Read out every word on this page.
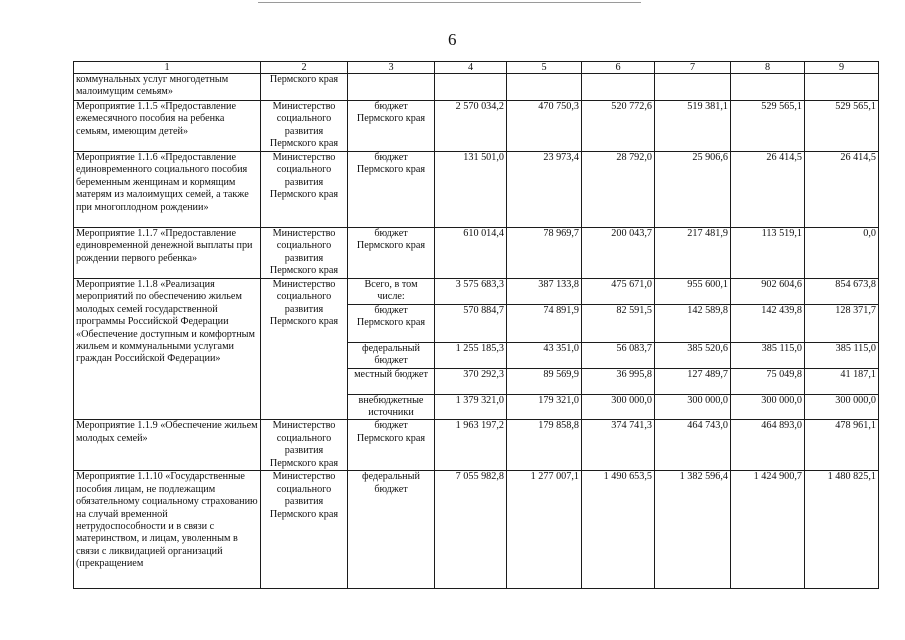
6
1	2	3	4	5	6	7	8	9
коммунальных услуг многодетным малоимущим семьям»	Пермского края							
Мероприятие 1.1.5 «Предоставление ежемесячного пособия на ребенка семьям, имеющим детей»	Министерство социального развития Пермского края	бюджет Пермского края	2 570 034,2	470 750,3	520 772,6	519 381,1	529 565,1	529 565,1
Мероприятие 1.1.6 «Предоставление единовременного социального пособия беременным женщинам и кормящим матерям из малоимущих семей, а также при многоплодном рождении»	Министерство социального развития Пермского края	бюджет Пермского края	131 501,0	23 973,4	28 792,0	25 906,6	26 414,5	26 414,5
Мероприятие 1.1.7 «Предоставление единовременной денежной выплаты при рождении первого ребенка»	Министерство социального развития Пермского края	бюджет Пермского края	610 014,4	78 969,7	200 043,7	217 481,9	113 519,1	0,0
Мероприятие 1.1.8 «Реализация мероприятий по обеспечению жильем молодых семей государственной программы Российской Федерации «Обеспечение доступным и комфортным жильем и коммунальными услугами граждан Российской Федерации»	Министерство социального развития Пермского края	Всего, в том числе:	3 575 683,3	387 133,8	475 671,0	955 600,1	902 604,6	854 673,8
		бюджет Пермского края	570 884,7	74 891,9	82 591,5	142 589,8	142 439,8	128 371,7
		федеральный бюджет	1 255 185,3	43 351,0	56 083,7	385 520,6	385 115,0	385 115,0
		местный бюджет	370 292,3	89 569,9	36 995,8	127 489,7	75 049,8	41 187,1
		внебюджетные источники	1 379 321,0	179 321,0	300 000,0	300 000,0	300 000,0	300 000,0
Мероприятие 1.1.9 «Обеспечение жильем молодых семей»	Министерство социального развития Пермского края	бюджет Пермского края	1 963 197,2	179 858,8	374 741,3	464 743,0	464 893,0	478 961,1
Мероприятие 1.1.10 «Государственные пособия лицам, не подлежащим обязательному социальному страхованию на случай временной нетрудоспособности и в связи с материнством, и лицам, уволенным в связи с ликвидацией организаций (прекращением	Министерство социального развития Пермского края	федеральный бюджет	7 055 982,8	1 277 007,1	1 490 653,5	1 382 596,4	1 424 900,7	1 480 825,1
